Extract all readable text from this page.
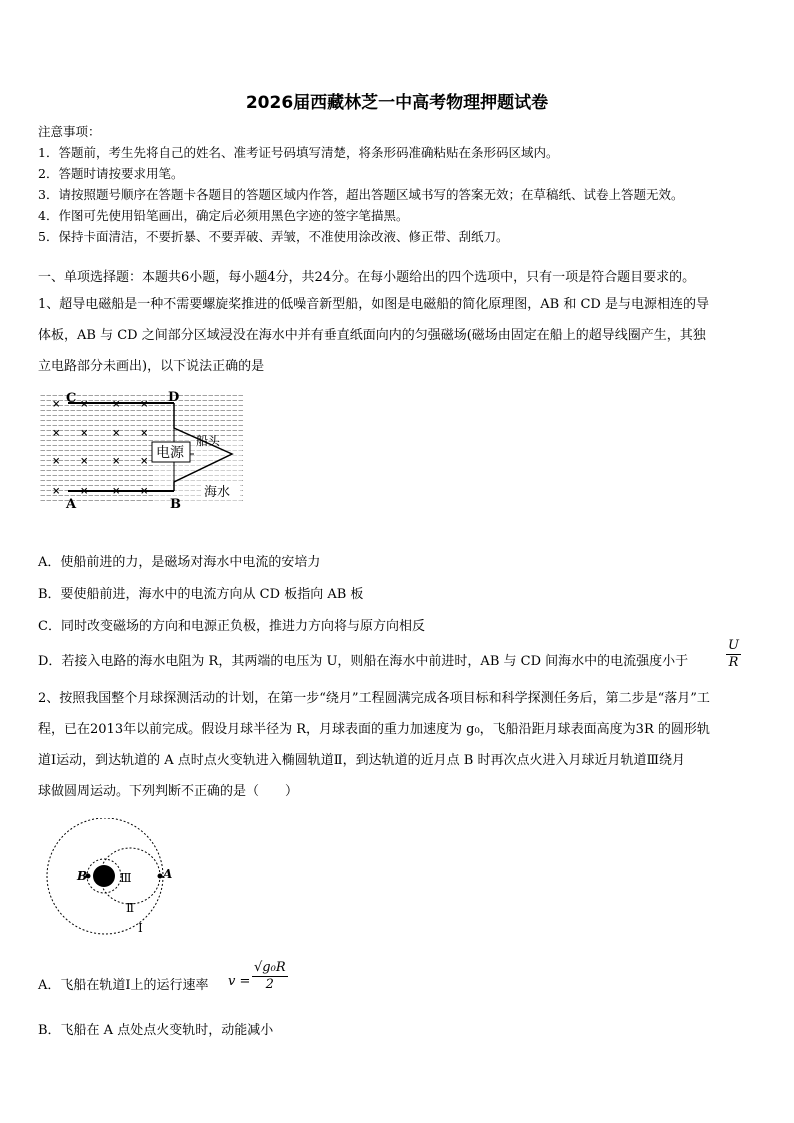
2026届西藏林芝一中高考物理押题试卷
注意事项：
1．答题前，考生先将自己的姓名、准考证号码填写清楚，将条形码准确粘贴在条形码区域内。
2．答题时请按要求用笔。
3．请按照题号顺序在答题卡各题目的答题区域内作答，超出答题区域书写的答案无效；在草稿纸、试卷上答题无效。
4．作图可先使用铅笔画出，确定后必须用黑色字迹的签字笔描黑。
5．保持卡面清洁，不要折暴、不要弄破、弄皱，不准使用涂改液、修正带、刮纸刀。
一、单项选择题：本题共6小题，每小题4分，共24分。在每小题给出的四个选项中，只有一项是符合题目要求的。
1、超导电磁船是一种不需要螺旋桨推进的低噪音新型船，如图是电磁船的简化原理图，AB 和 CD 是与电源相连的导
体板，AB 与 CD 之间部分区域浸没在海水中并有垂直纸面向内的匀强磁场(磁场由固定在船上的超导线圈产生，其独
立电路部分未画出)，以下说法正确的是
电源
× × × ×
× × × ×
× × × ×
× × × ×
C	D
A	B
船头
海水
A．使船前进的力，是磁场对海水中电流的安培力
B．要使船前进，海水中的电流方向从 CD 板指向 AB 板
C．同时改变磁场的方向和电源正负极，推进力方向将与原方向相反
D．若接入电路的海水电阻为 R，其两端的电压为 U，则船在海水中前进时，AB 与 CD 间海水中的电流强度小于	$\frac{U}{R}$
2、按照我国整个月球探测活动的计划，在第一步“绕月”工程圆满完成各项目标和科学探测任务后，第二步是“落月”工
程，已在2013年以前完成。假设月球半径为 R，月球表面的重力加速度为 g₀，飞船沿距月球表面高度为3R 的圆形轨
道Ⅰ运动，到达轨道的 A 点时点火变轨进入椭圆轨道Ⅱ，到达轨道的近月点 B 时再次点火进入月球近月轨道Ⅲ绕月
球做圆周运动。下列判断不正确的是（　　）
B	A
Ⅲ
Ⅱ
Ⅰ
A．飞船在轨道Ⅰ上的运行速率 $v = \frac{\text{√g₀R}}{2}$
B．飞船在 A 点处点火变轨时，动能减小
